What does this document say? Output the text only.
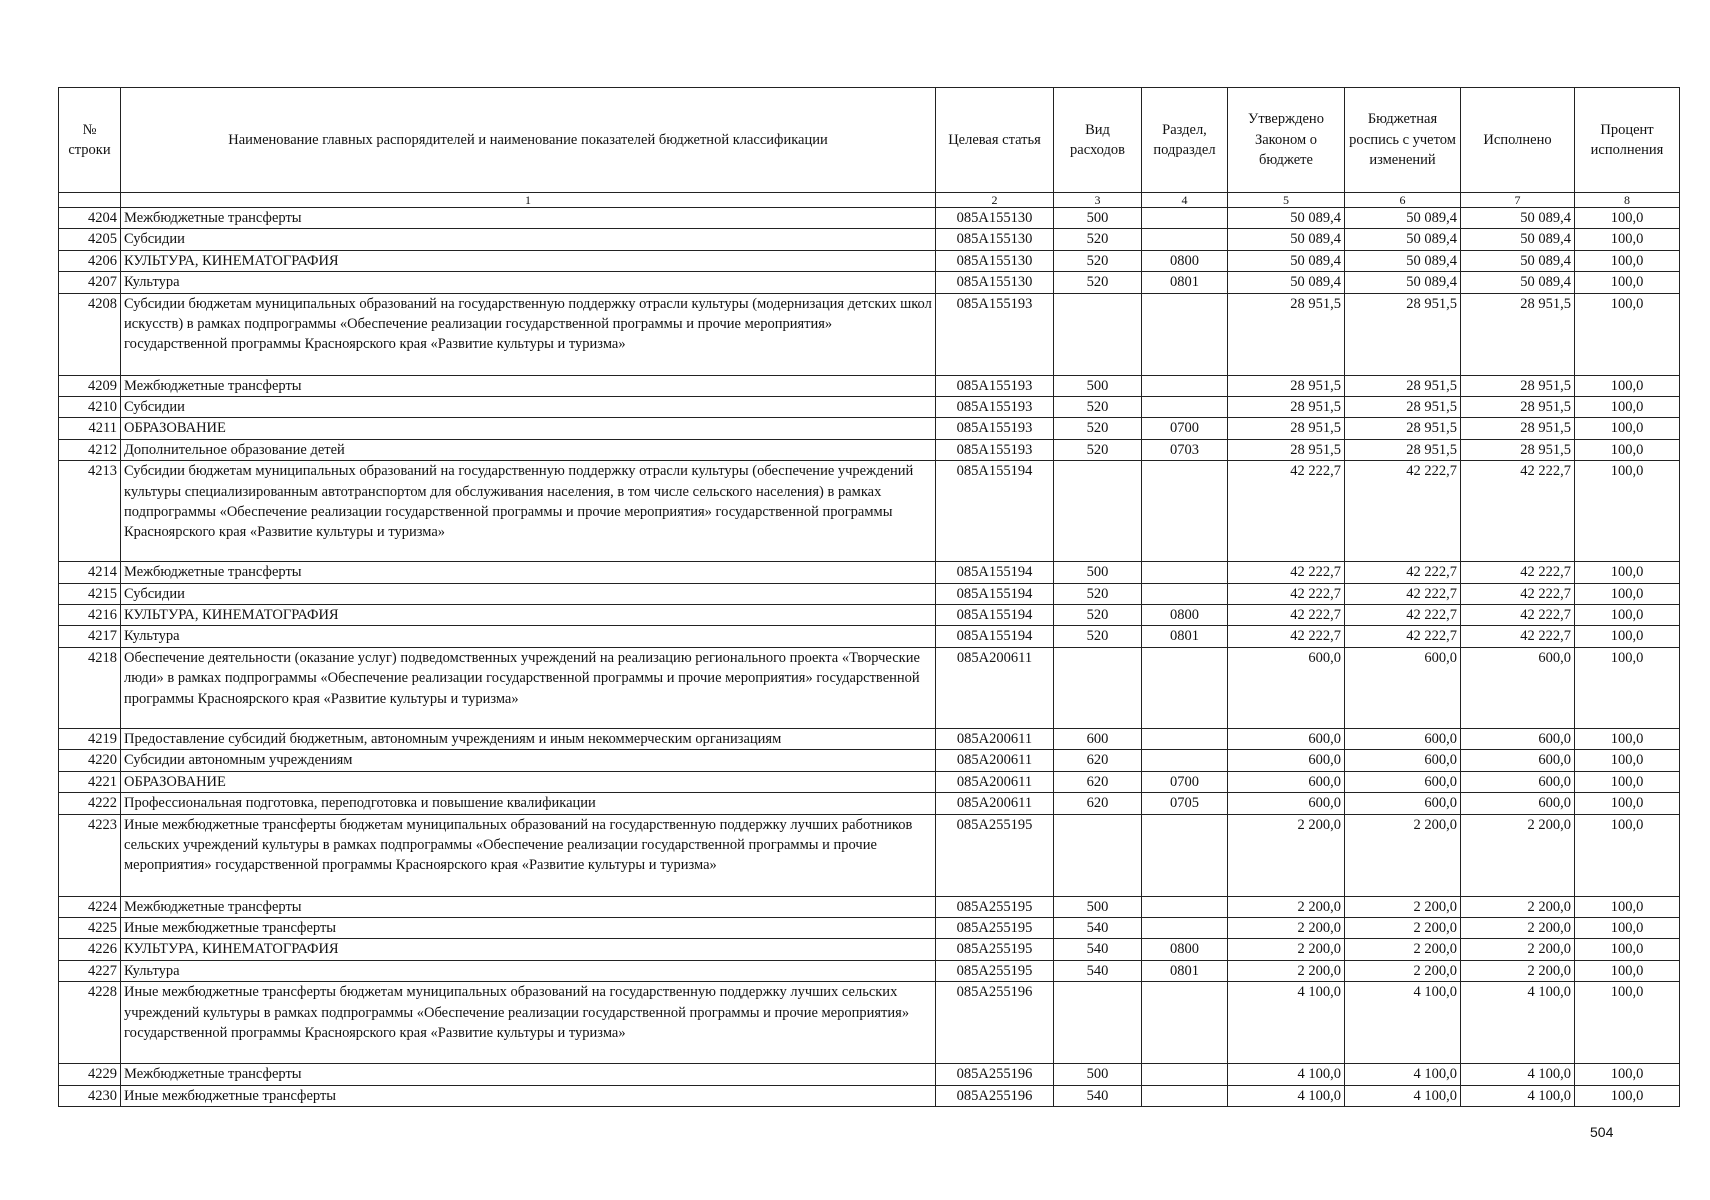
№ строки	Наименование главных распорядителей и наименование показателей бюджетной классификации	Целевая статья	Вид расходов	Раздел, подраздел	Утверждено Законом о бюджете	Бюджетная роспись с учетом изменений	Исполнено	Процент исполнения
	1	2	3	4	5	6	7	8
4204	Межбюджетные трансферты	085A155130	500		50 089,4	50 089,4	50 089,4	100,0
4205	Субсидии	085A155130	520		50 089,4	50 089,4	50 089,4	100,0
4206	КУЛЬТУРА, КИНЕМАТОГРАФИЯ	085A155130	520	0800	50 089,4	50 089,4	50 089,4	100,0
4207	Культура	085A155130	520	0801	50 089,4	50 089,4	50 089,4	100,0
4208	Субсидии бюджетам муниципальных образований на государственную поддержку отрасли культуры (модернизация детских школ искусств) в рамках подпрограммы «Обеспечение реализации государственной программы и прочие мероприятия» государственной программы Красноярского края «Развитие культуры и туризма»	085A155193			28 951,5	28 951,5	28 951,5	100,0
4209	Межбюджетные трансферты	085A155193	500		28 951,5	28 951,5	28 951,5	100,0
4210	Субсидии	085A155193	520		28 951,5	28 951,5	28 951,5	100,0
4211	ОБРАЗОВАНИЕ	085A155193	520	0700	28 951,5	28 951,5	28 951,5	100,0
4212	Дополнительное образование детей	085A155193	520	0703	28 951,5	28 951,5	28 951,5	100,0
4213	Субсидии бюджетам муниципальных образований на государственную поддержку отрасли культуры (обеспечение учреждений культуры специализированным автотранспортом для обслуживания населения, в том числе сельского населения) в рамках подпрограммы «Обеспечение реализации государственной программы и прочие мероприятия» государственной программы Красноярского края «Развитие культуры и туризма»	085A155194			42 222,7	42 222,7	42 222,7	100,0
4214	Межбюджетные трансферты	085A155194	500		42 222,7	42 222,7	42 222,7	100,0
4215	Субсидии	085A155194	520		42 222,7	42 222,7	42 222,7	100,0
4216	КУЛЬТУРА, КИНЕМАТОГРАФИЯ	085A155194	520	0800	42 222,7	42 222,7	42 222,7	100,0
4217	Культура	085A155194	520	0801	42 222,7	42 222,7	42 222,7	100,0
4218	Обеспечение деятельности (оказание услуг) подведомственных учреждений на реализацию регионального проекта «Творческие люди» в рамках подпрограммы «Обеспечение реализации государственной программы и прочие мероприятия» государственной программы Красноярского края «Развитие культуры и туризма»	085A200611			600,0	600,0	600,0	100,0
4219	Предоставление субсидий бюджетным, автономным учреждениям и иным некоммерческим организациям	085A200611	600		600,0	600,0	600,0	100,0
4220	Субсидии автономным учреждениям	085A200611	620		600,0	600,0	600,0	100,0
4221	ОБРАЗОВАНИЕ	085A200611	620	0700	600,0	600,0	600,0	100,0
4222	Профессиональная подготовка, переподготовка и повышение квалификации	085A200611	620	0705	600,0	600,0	600,0	100,0
4223	Иные межбюджетные трансферты бюджетам муниципальных образований на государственную поддержку лучших работников сельских учреждений культуры в рамках подпрограммы «Обеспечение реализации государственной программы и прочие мероприятия» государственной программы Красноярского края «Развитие культуры и туризма»	085A255195			2 200,0	2 200,0	2 200,0	100,0
4224	Межбюджетные трансферты	085A255195	500		2 200,0	2 200,0	2 200,0	100,0
4225	Иные межбюджетные трансферты	085A255195	540		2 200,0	2 200,0	2 200,0	100,0
4226	КУЛЬТУРА, КИНЕМАТОГРАФИЯ	085A255195	540	0800	2 200,0	2 200,0	2 200,0	100,0
4227	Культура	085A255195	540	0801	2 200,0	2 200,0	2 200,0	100,0
4228	Иные межбюджетные трансферты бюджетам муниципальных образований на государственную поддержку лучших сельских учреждений культуры в рамках подпрограммы «Обеспечение реализации государственной программы и прочие мероприятия» государственной программы Красноярского края «Развитие культуры и туризма»	085A255196			4 100,0	4 100,0	4 100,0	100,0
4229	Межбюджетные трансферты	085A255196	500		4 100,0	4 100,0	4 100,0	100,0
4230	Иные межбюджетные трансферты	085A255196	540		4 100,0	4 100,0	4 100,0	100,0
504
